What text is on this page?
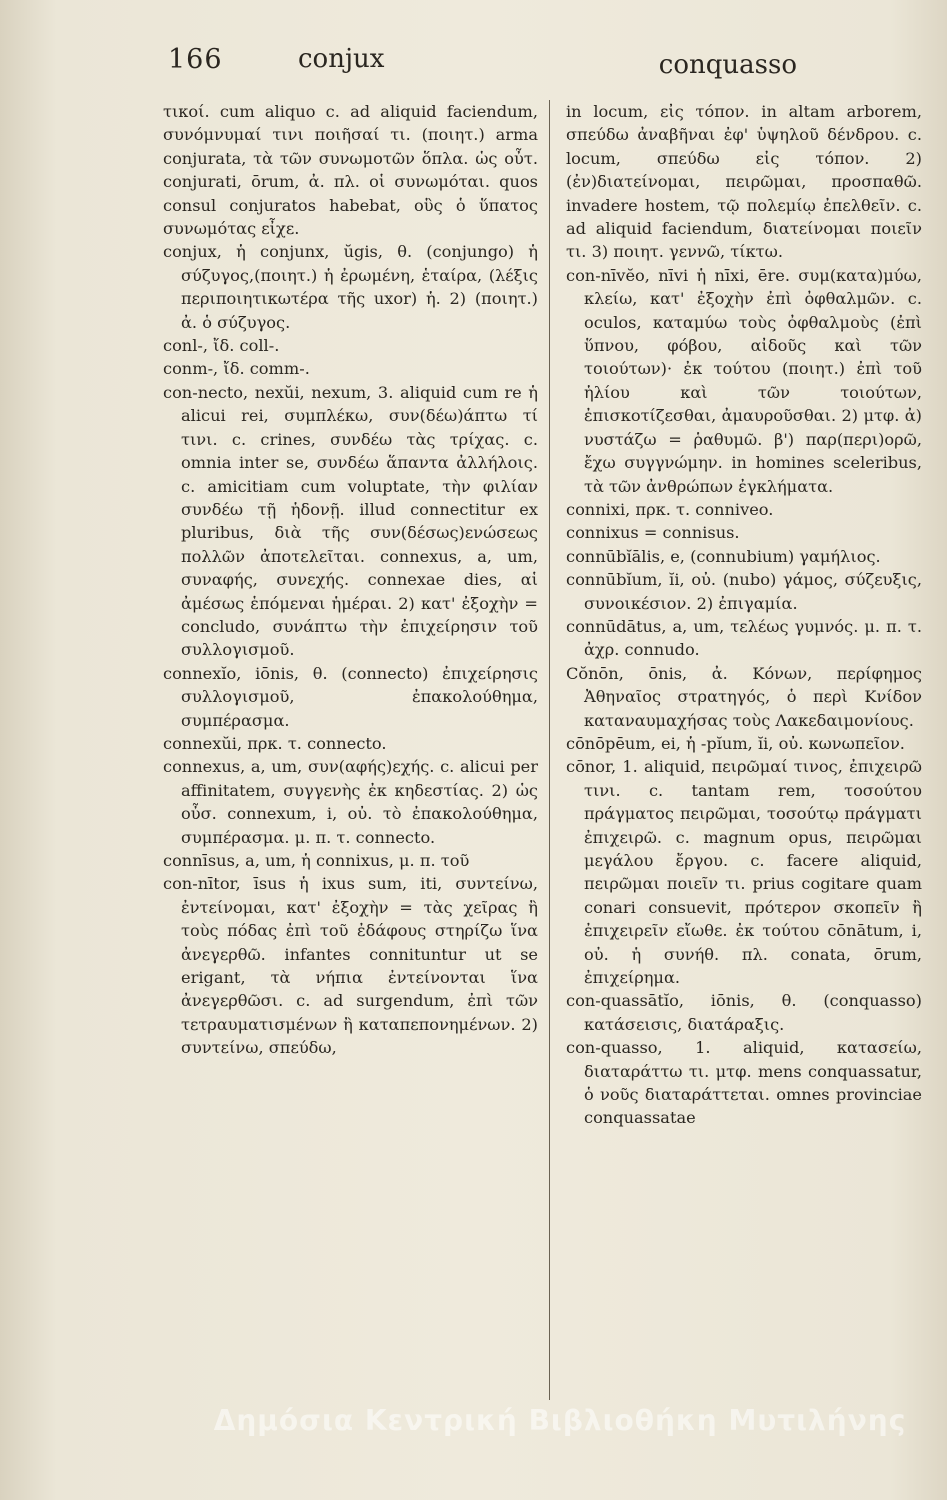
166	conjux	conquasso

τικοί. cum aliquo c. ad aliquid faciendum, συνόμνυμαί τινι ποιῆσαί τι. (ποιητ.) arma conjurata, τὰ τῶν συνωμοτῶν ὅπλα. ὡς οὖτ. conjurati, ōrum, ἀ. πλ. οἱ συνωμόται. quos consul conjuratos habebat, οὓς ὁ ὕπατος συνωμότας εἶχε.

conjux, ἡ conjunx, ŭgis, θ. (conjungo) ἡ σύζυγος,(ποιητ.) ἡ ἐρωμένη, ἑταίρα, (λέξις περιποιητικωτέρα τῆς uxor) ἡ. 2) (ποιητ.) ἀ. ὁ σύζυγος.

conl-, ἴδ. coll-.

conm-, ἴδ. comm-.

con-necto, nexŭi, nexum, 3. aliquid cum re ἡ alicui rei, συμπλέκω, συν(δέω)άπτω τί τινι. c. crines, συνδέω τὰς τρίχας. c. omnia inter se, συνδέω ἅπαντα ἀλλήλοις. c. amicitiam cum voluptate, τὴν φιλίαν συνδέω τῇ ἡδονῇ. illud connectitur ex pluribus, διὰ τῆς συν(δέσως)ενώσεως πολλῶν ἀποτελεῖται. connexus, a, um, συναφής, συνεχής. connexae dies, αἱ ἀμέσως ἑπόμεναι ἡμέραι. 2) κατ' ἐξοχὴν = concludo, συνάπτω τὴν ἐπιχείρησιν τοῦ συλλογισμοῦ.

connexĭo, iōnis, θ. (connecto) ἐπιχείρησις συλλογισμοῦ, ἐπακολούθημα, συμπέρασμα.

connexŭi, πρκ. τ. connecto.

connexus, a, um, συν(αφής)εχής. c. alicui per affinitatem, συγγενὴς ἐκ κηδεστίας. 2) ὡς οὖσ. connexum, i, οὐ. τὸ ἐπακολούθημα, συμπέρασμα. μ. π. τ. connecto.

connīsus, a, um, ἡ connixus, μ. π. τοῦ

con-nītor, īsus ἡ ixus sum, iti, συντείνω, ἐντείνομαι, κατ' ἐξοχὴν = τὰς χεῖρας ἢ τοὺς πόδας ἐπὶ τοῦ ἐδάφους στηρίζω ἵνα ἀνεγερθῶ. infantes connituntur ut se erigant, τὰ νήπια ἐντείνονται ἵνα ἀνεγερθῶσι. c. ad surgendum, ἐπὶ τῶν τετραυματισμένων ἢ καταπεπονημένων. 2) συντείνω, σπεύδω,

in locum, εἰς τόπον. in altam arborem, σπεύδω ἀναβῆναι ἐφ' ὑψηλοῦ δένδρου. c. locum, σπεύδω εἰς τόπον. 2) (ἐν)διατείνομαι, πειρῶμαι, προσπαθῶ. invadere hostem, τῷ πολεμίῳ ἐπελθεῖν. c. ad aliquid faciendum, διατείνομαι ποιεῖν τι. 3) ποιητ. γεννῶ, τίκτω.

con-nīvĕo, nīvi ἡ nīxi, ēre. συμ(κατα)μύω, κλείω, κατ' ἐξοχὴν ἐπὶ ὀφθαλμῶν. c. oculos, καταμύω τοὺς ὀφθαλμοὺς (ἐπὶ ὕπνου, φόβου, αἰδοῦς καὶ τῶν τοιούτων)· ἐκ τούτου (ποιητ.) ἐπὶ τοῦ ἡλίου καὶ τῶν τοιούτων, ἐπισκοτίζεσθαι, ἀμαυροῦσθαι. 2) μτφ. ἀ) νυστάζω = ῥαθυμῶ. β') παρ(περι)ορῶ, ἔχω συγγνώμην. in homines sceleribus, τὰ τῶν ἀνθρώπων ἐγκλήματα.

connixi, πρκ. τ. conniveo.

connixus = connisus.

connūbĭālis, e, (connubium) γαμήλιος.

connūbĭum, ĭi, οὐ. (nubo) γάμος, σύζευξις, συνοικέσιον. 2) ἐπιγαμία.

connūdātus, a, um, τελέως γυμνός. μ. π. τ. ἀχρ. connudo.

Cŏnōn, ōnis, ἀ. Κόνων, περίφημος Ἀθηναῖος στρατηγός, ὁ περὶ Κνίδον καταναυμαχήσας τοὺς Λακεδαιμονίους.

cōnōpēum, ei, ἡ -pĭum, ĭi, οὐ. κωνωπεῖον.

cōnor, 1. aliquid, πειρῶμαί τινος, ἐπιχειρῶ τινι. c. tantam rem, τοσούτου πράγματος πειρῶμαι, τοσούτῳ πράγματι ἐπιχειρῶ. c. magnum opus, πειρῶμαι μεγάλου ἔργου. c. facere aliquid, πειρῶμαι ποιεῖν τι. prius cogitare quam conari consuevit, πρότερον σκοπεῖν ἢ ἐπιχειρεῖν εἴωθε. ἐκ τούτου cōnātum, i, οὐ. ἡ συνήθ. πλ. conata, ōrum, ἐπιχείρημα.

con-quassātĭo, iōnis, θ. (conquasso) κατάσεισις, διατάραξις.

con-quasso, 1. aliquid, κατασείω, διαταράττω τι. μτφ. mens conquassatur, ὁ νοῦς διαταράττεται. omnes provinciae conquassatae

Δημόσια Κεντρική Βιβλιοθήκη Μυτιλήνης
